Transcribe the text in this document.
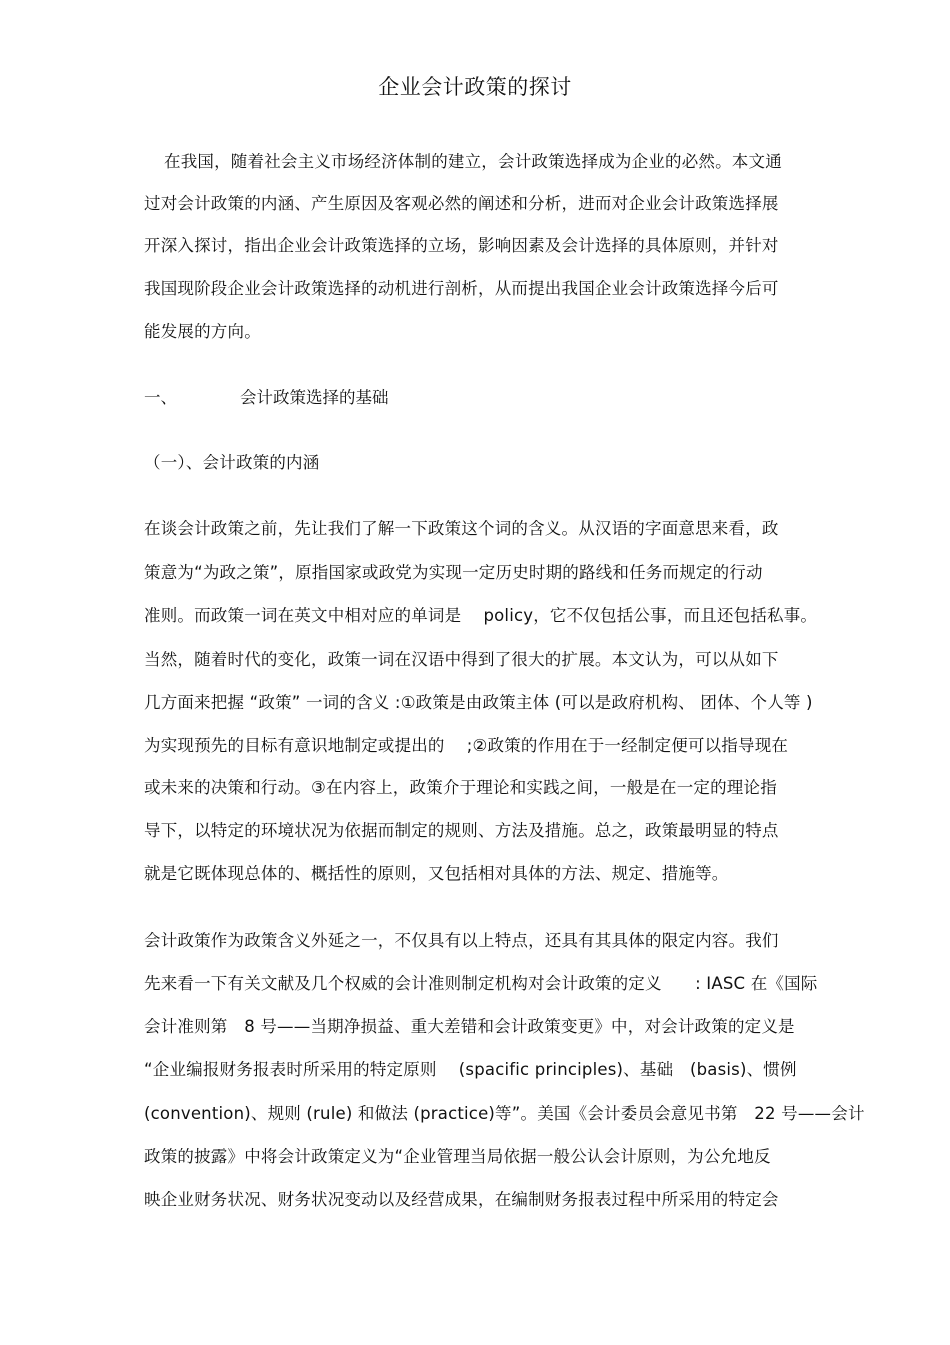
企业会计政策的探讨
在我国，随着社会主义市场经济体制的建立，会计政策选择成为企业的必然。本文通
过对会计政策的内涵、产生原因及客观必然的阐述和分析，进而对企业会计政策选择展
开深入探讨，指出企业会计政策选择的立场，影响因素及会计选择的具体原则，并针对
我国现阶段企业会计政策选择的动机进行剖析，从而提出我国企业会计政策选择今后可
能发展的方向。
一、	会计政策选择的基础
（一）、会计政策的内涵
在谈会计政策之前，先让我们了解一下政策这个词的含义。从汉语的字面意思来看，政
策意为“为政之策”，原指国家或政党为实现一定历史时期的路线和任务而规定的行动
准则。而政策一词在英文中相对应的单词是　 policy，它不仅包括公事，而且还包括私事。
当然，随着时代的变化，政策一词在汉语中得到了很大的扩展。本文认为，可以从如下
几方面来把握 “政策” 一词的含义 :①政策是由政策主体 (可以是政府机构、 团体、个人等 )
为实现预先的目标有意识地制定或提出的　 ;②政策的作用在于一经制定便可以指导现在
或未来的决策和行动。③在内容上，政策介于理论和实践之间，一般是在一定的理论指
导下，以特定的环境状况为依据而制定的规则、方法及措施。总之，政策最明显的特点
就是它既体现总体的、概括性的原则，又包括相对具体的方法、规定、措施等。
会计政策作为政策含义外延之一，不仅具有以上特点，还具有其具体的限定内容。我们
先来看一下有关文献及几个权威的会计准则制定机构对会计政策的定义　　: IASC 在《国际
会计准则第　8 号——当期净损益、重大差错和会计政策变更》中，对会计政策的定义是
“企业编报财务报表时所采用的特定原则　 (spacific principles)、基础　(basis)、惯例
(convention)、规则 (rule) 和做法 (practice)等”。美国《会计委员会意见书第　22 号——会计
政策的披露》中将会计政策定义为“企业管理当局依据一般公认会计原则，为公允地反
映企业财务状况、财务状况变动以及经营成果，在编制财务报表过程中所采用的特定会
